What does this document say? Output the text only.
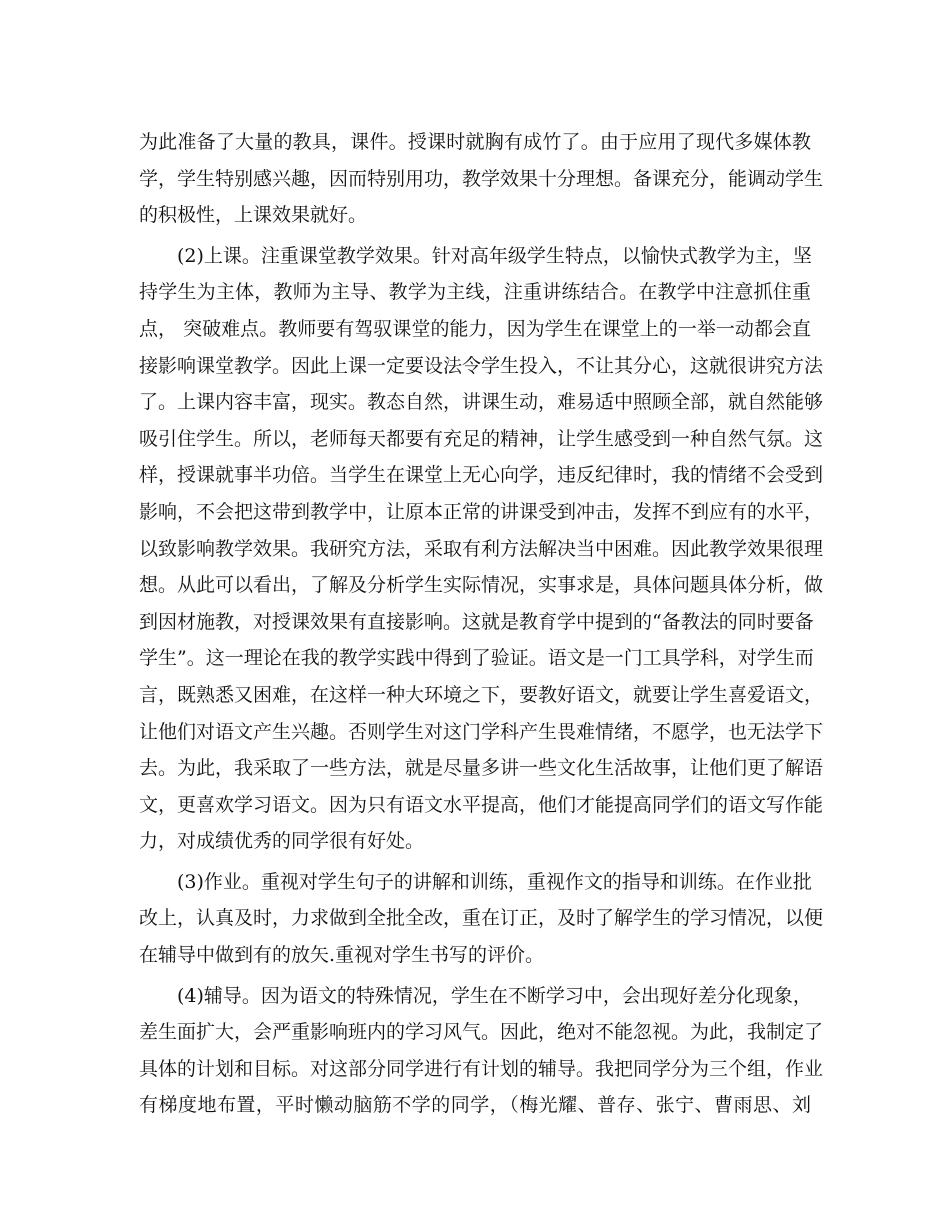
为此准备了大量的教具，课件。授课时就胸有成竹了。由于应用了现代多媒体教
学，学生特别感兴趣，因而特别用功，教学效果十分理想。备课充分，能调动学生
的积极性，上课效果就好。
　　(2)上课。注重课堂教学效果。针对高年级学生特点，以愉快式教学为主，坚
持学生为主体，教师为主导、教学为主线，注重讲练结合。在教学中注意抓住重
点， 突破难点。教师要有驾驭课堂的能力，因为学生在课堂上的一举一动都会直
接影响课堂教学。因此上课一定要设法令学生投入，不让其分心，这就很讲究方法
了。上课内容丰富，现实。教态自然，讲课生动，难易适中照顾全部，就自然能够
吸引住学生。所以，老师每天都要有充足的精神，让学生感受到一种自然气氛。这
样，授课就事半功倍。当学生在课堂上无心向学，违反纪律时，我的情绪不会受到
影响，不会把这带到教学中，让原本正常的讲课受到冲击，发挥不到应有的水平，
以致影响教学效果。我研究方法，采取有利方法解决当中困难。因此教学效果很理
想。从此可以看出，了解及分析学生实际情况，实事求是，具体问题具体分析，做
到因材施教，对授课效果有直接影响。这就是教育学中提到的“备教法的同时要备
学生”。这一理论在我的教学实践中得到了验证。语文是一门工具学科，对学生而
言，既熟悉又困难，在这样一种大环境之下，要教好语文，就要让学生喜爱语文，
让他们对语文产生兴趣。否则学生对这门学科产生畏难情绪，不愿学，也无法学下
去。为此，我采取了一些方法，就是尽量多讲一些文化生活故事，让他们更了解语
文，更喜欢学习语文。因为只有语文水平提高，他们才能提高同学们的语文写作能
力，对成绩优秀的同学很有好处。
　　(3)作业。重视对学生句子的讲解和训练，重视作文的指导和训练。在作业批
改上，认真及时，力求做到全批全改，重在订正，及时了解学生的学习情况，以便
在辅导中做到有的放矢.重视对学生书写的评价。
　　(4)辅导。因为语文的特殊情况，学生在不断学习中，会出现好差分化现象，
差生面扩大，会严重影响班内的学习风气。因此，绝对不能忽视。为此，我制定了
具体的计划和目标。对这部分同学进行有计划的辅导。我把同学分为三个组，作业
有梯度地布置，平时懒动脑筋不学的同学，（梅光耀、普存、张宁、曹雨思、刘
